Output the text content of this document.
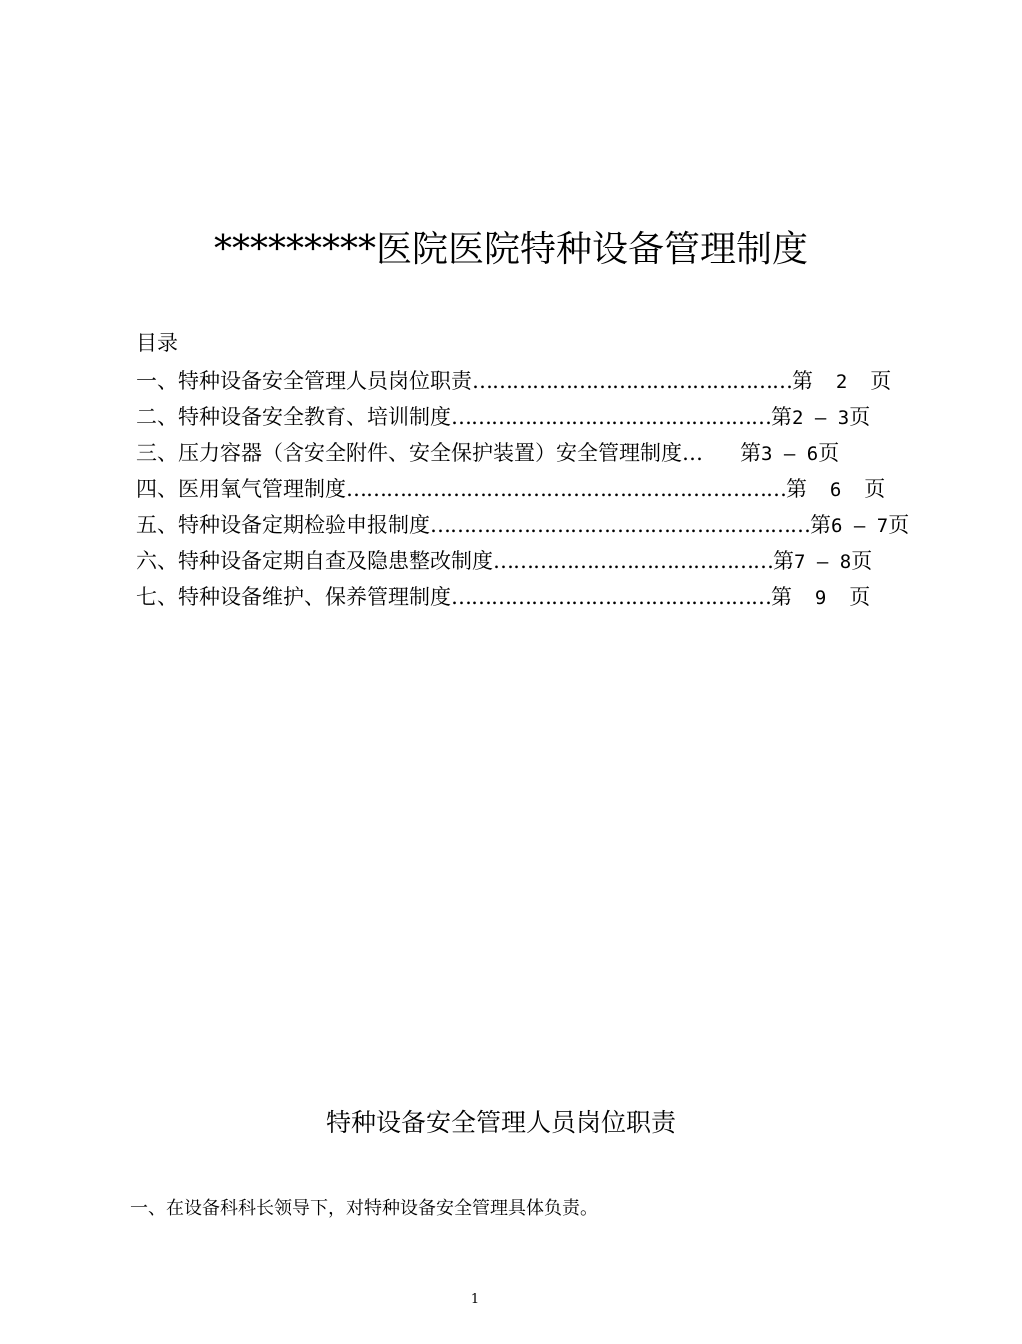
*********医院医院特种设备管理制度
目录
一、特种设备安全管理人员岗位职责 ………………………………………… 第  2  页
二、特种设备安全教育、培训制度 ………………………………………… 第2 – 3页
三、压力容器（含安全附件、安全保护装置）安全管理制度 …	第3 – 6页
四、医用氧气管理制度 ………………………………………………………… 第  6  页
五、特种设备定期检验申报制度 ………………………………………………… 第6 – 7页
六、特种设备定期自查及隐患整改制度 …………………………………… 第7 – 8页
七、特种设备维护、保养管理制度 ………………………………………… 第  9  页
特种设备安全管理人员岗位职责
一、在设备科科长领导下，对特种设备安全管理具体负责。
1
